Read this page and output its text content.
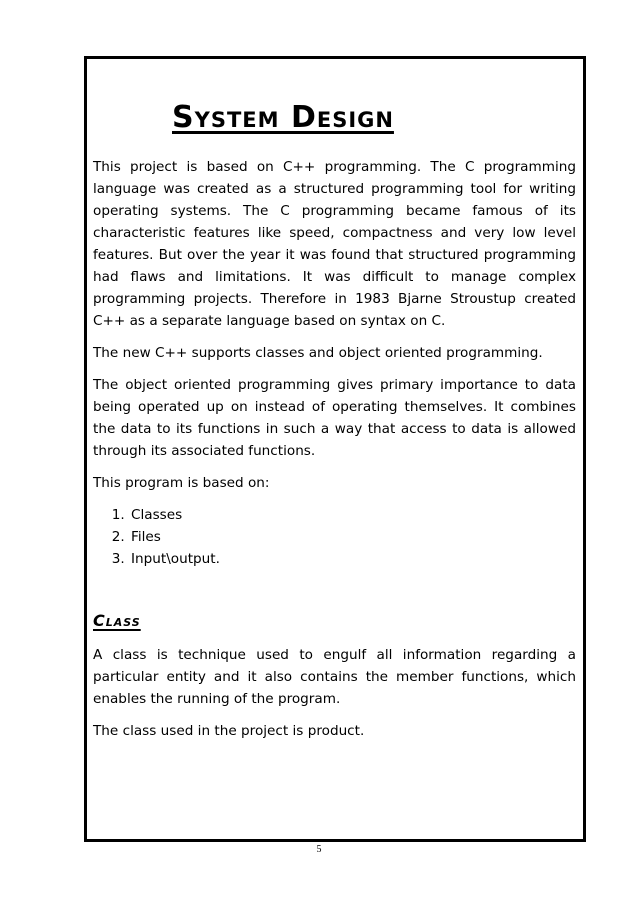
System Design

This project is based on C++ programming. The C programming language was created as a structured programming tool for writing operating systems. The C programming became famous of its characteristic features like speed, compactness and very low level features. But over the year it was found that structured programming had flaws and limitations. It was difficult to manage complex programming projects. Therefore in 1983 Bjarne Stroustup created C++ as a separate language based on syntax on C.

The new C++ supports classes and object oriented programming.

The object oriented programming gives primary importance to data being operated up on instead of operating themselves. It combines the data to its functions in such a way that access to data is allowed through its associated functions.

This program is based on:

1. Classes
2. Files
3. Input\output.
Class

A class is technique used to engulf all information regarding a particular entity and it also contains the member functions, which enables the running of the program.

The class used in the project is product.

5
